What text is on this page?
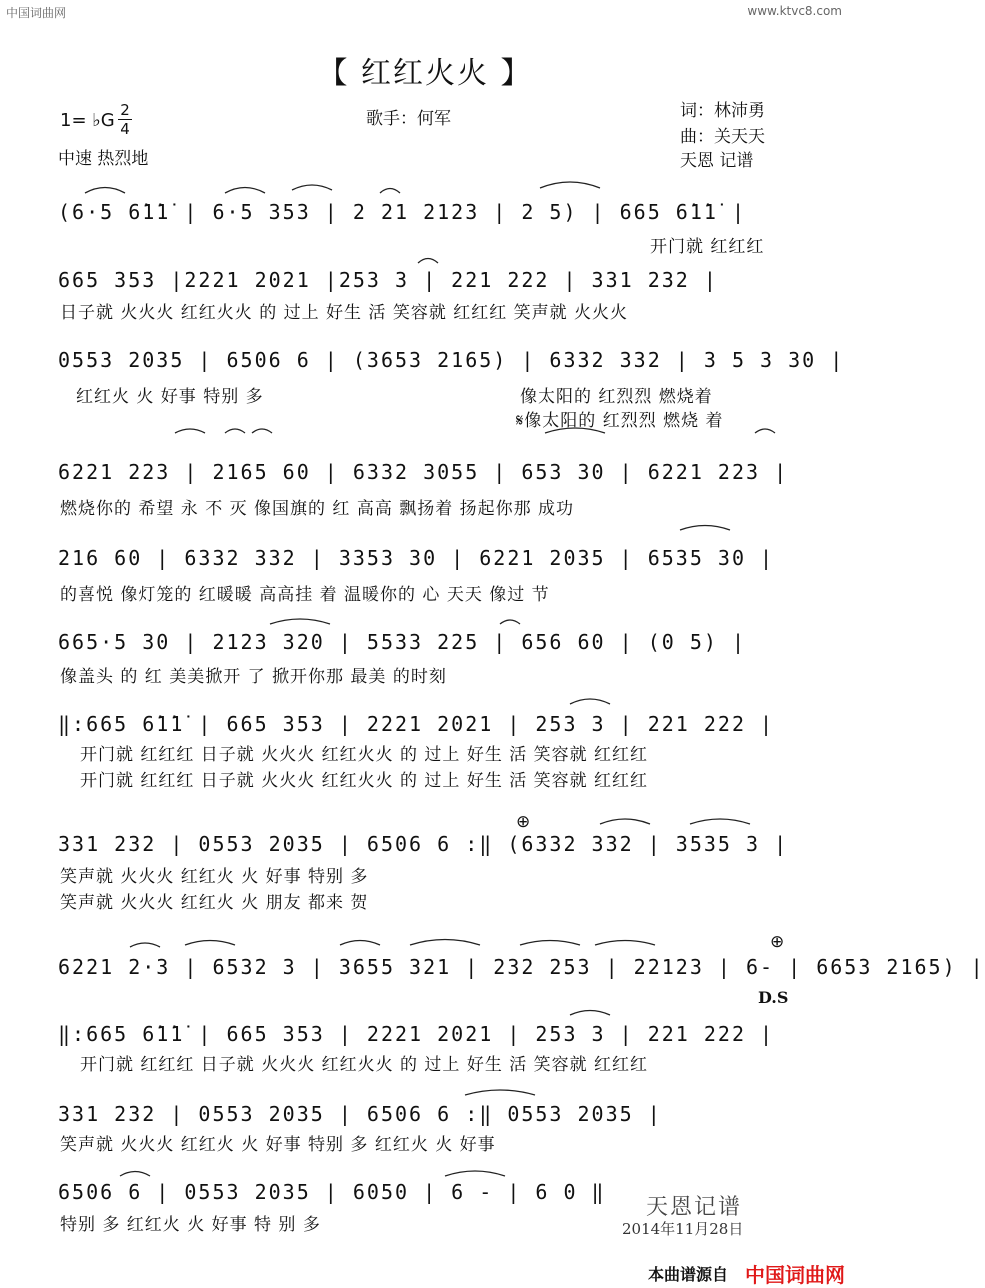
中国词曲网	www.ktvc8.com
【 红红火火 】
1= ♭G 2
4
中速 热烈地
歌手：何军	词：林沛勇
曲：关天天
天恩 记谱
(6·5 6̇1̇1̇ | 6·5 353 | 2 21 2123 | 2 5) | 665 6̇1̇1̇ |
开门就 红红红
665 353 |2221 2021 |253 3 | 221 222 | 331 232 |
日子就 火火火 红红火火 的 过上 好生 活 笑容就 红红红 笑声就 火火火
0553 2035 | 6506 6 | (3653 2165) | 6332 332 | 3 5 3 30 |
红红火 火 好事 特别 多	像太阳的 红烈烈 燃烧着
𝄋像太阳的 红烈烈 燃烧 着
6221 223 | 2165 60 | 6332 3055 | 653 30 | 6221 223 |
燃烧你的 希望 永 不 灭 像国旗的 红 高高 飘扬着 扬起你那 成功
216 60 | 6332 332 | 3353 30 | 6221 2035 | 6535 30 |
的喜悦 像灯笼的 红暖暖 高高挂 着 温暖你的 心 天天 像过 节
665·5 30 | 2123 320 | 5533 225 | 656 60 | (0 5) |
像盖头 的 红 美美掀开 了 掀开你那 最美 的时刻
‖:665 6̇1̇1̇ | 665 353 | 2221 2021 | 253 3 | 221 222 |
开门就 红红红 日子就 火火火 红红火火 的 过上 好生 活 笑容就 红红红
开门就 红红红 日子就 火火火 红红火火 的 过上 好生 活 笑容就 红红红
331 232 | 0553 2035 | 6506 6 :‖ (6332 332 | 3535 3 |
笑声就 火火火 红红火 火 好事 特别 多
笑声就 火火火 红红火 火 朋友 都来 贺
⊕
6221 2·3 | 6532 3 | 3655 321 | 232 253 | 22123 | 6- | 6653 2165) |
⊕
D.S
‖:665 6̇1̇1̇ | 665 353 | 2221 2021 | 253 3 | 221 222 |
开门就 红红红 日子就 火火火 红红火火 的 过上 好生 活 笑容就 红红红
331 232 | 0553 2035 | 6506 6 :‖ 0553 2035 |
笑声就 火火火 红红火 火 好事 特别 多 红红火 火 好事
6506 6 | 0553 2035 | 6050 | 6 - | 6 0 ‖
特别 多 红红火 火 好事 特 别 多
天恩记谱
2014年11月28日
本曲谱源自 中国词曲网
